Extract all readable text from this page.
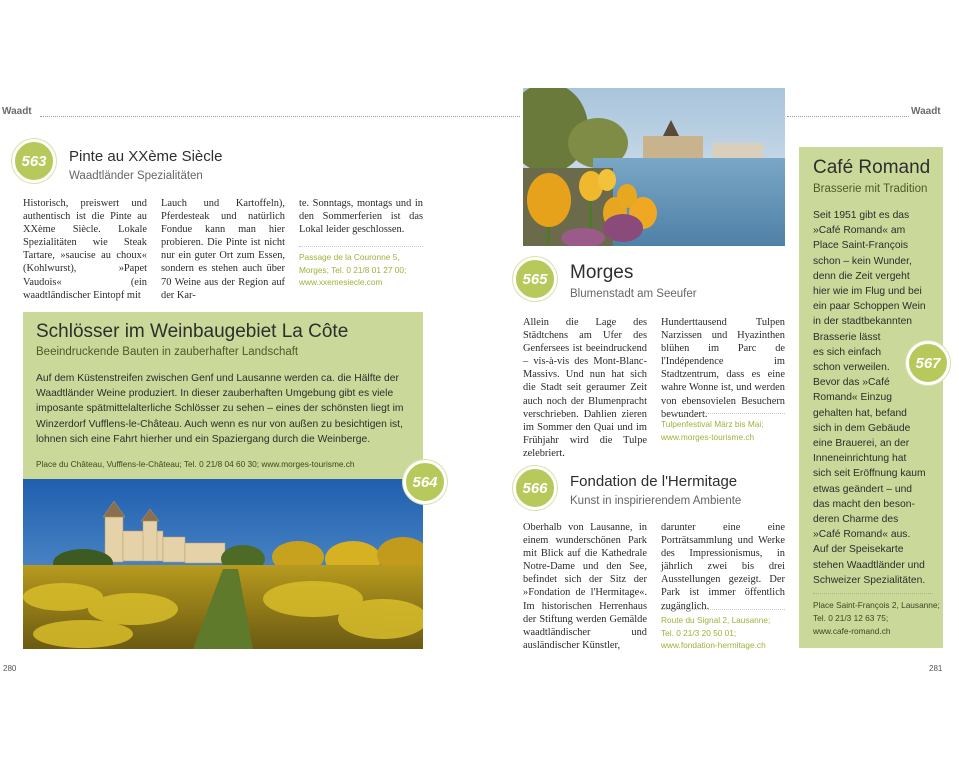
Waadt	Waadt
563	Pinte au XXème Siècle
Waadtländer Spezialitäten
Historisch, preiswert und authentisch ist die Pinte au XXème Siècle. Lokale Spezialitäten wie Steak Tartare, »saucise au choux« (Kohlwurst), »Papet Vaudois« (ein waadtländischer Eintopf mit
Lauch und Kartoffeln), Pferdesteak und natürlich Fondue kann man hier probieren. Die Pinte ist nicht nur ein guter Ort zum Essen, sondern es stehen auch über 70 Weine aus der Region auf der Kar-
te. Sonntags, montags und in den Sommerferien ist das Lokal leider geschlossen.
Passage de la Couronne 5,
Morges; Tel. 0 21/8 01 27 00;
www.xxemesiecle.com
Schlösser im Weinbaugebiet La Côte
Beeindruckende Bauten in zauberhafter Landschaft
Auf dem Küstenstreifen zwischen Genf und Lausanne werden ca. die Hälfte der Waadtländer Weine produziert. In dieser zauberhaften Umgebung gibt es viele imposante spätmittelalterliche Schlösser zu sehen – eines der schönsten liegt im Winzerdorf Vufflens-le-Château. Auch wenn es nur von außen zu besichtigen ist, lohnen sich eine Fahrt hierher und ein Spaziergang durch die Weinberge.
Place du Château, Vufflens-le-Château; Tel. 0 21/8 04 60 30; www.morges-tourisme.ch
564
565	Morges
Blumenstadt am Seeufer
Allein die Lage des Städtchens am Ufer des Genfersees ist beeindruckend – vis-à-vis des Mont-Blanc-Massivs. Und nun hat sich die Stadt seit geraumer Zeit auch noch der Blumenpracht verschrieben. Dahlien zieren im Sommer den Quai und im Frühjahr wird die Tulpe zelebriert.
Hunderttausend Tulpen Narzissen und Hyazinthen blühen im Parc de l'Indépendence im Stadtzentrum, dass es eine wahre Wonne ist, und werden von ebensovielen Besuchern bewundert.
Tulpenfestival März bis Mai;
www.morges-tourisme.ch
566	Fondation de l'Hermitage
Kunst in inspirierendem Ambiente
Oberhalb von Lausanne, in einem wunderschönen Park mit Blick auf die Kathedrale Notre-Dame und den See, befindet sich der Sitz der »Fondation de l'Hermitage«. Im historischen Herrenhaus der Stiftung werden Gemälde waadtländischer und ausländischer Künstler,
darunter eine eine Porträtsammlung und Werke des Impressionismus, in jährlich zwei bis drei Ausstellungen gezeigt. Der Park ist immer öffentlich zugänglich.
Route du Signal 2, Lausanne;
Tel. 0 21/3 20 50 01;
www.fondation-hermitage.ch
Café Romand
Brasserie mit Tradition
Seit 1951 gibt es das
»Café Romand« am
Place Saint-François
schon – kein Wunder,
denn die Zeit vergeht
hier wie im Flug und bei
ein paar Schoppen Wein
in der stadtbekannten
Brasserie lässt
es sich einfach
schon verweilen.
Bevor das »Café
Romand« Einzug
gehalten hat, befand
sich in dem Gebäude
eine Brauerei, an der
Inneneinrichtung hat
sich seit Eröffnung kaum
etwas geändert – und
das macht den beson-
deren Charme des
»Café Romand« aus.
Auf der Speisekarte
stehen Waadtländer und
Schweizer Spezialitäten.
Place Saint-François 2, Lausanne;
Tel. 0 21/3 12 63 75;
www.cafe-romand.ch
567
280	281
